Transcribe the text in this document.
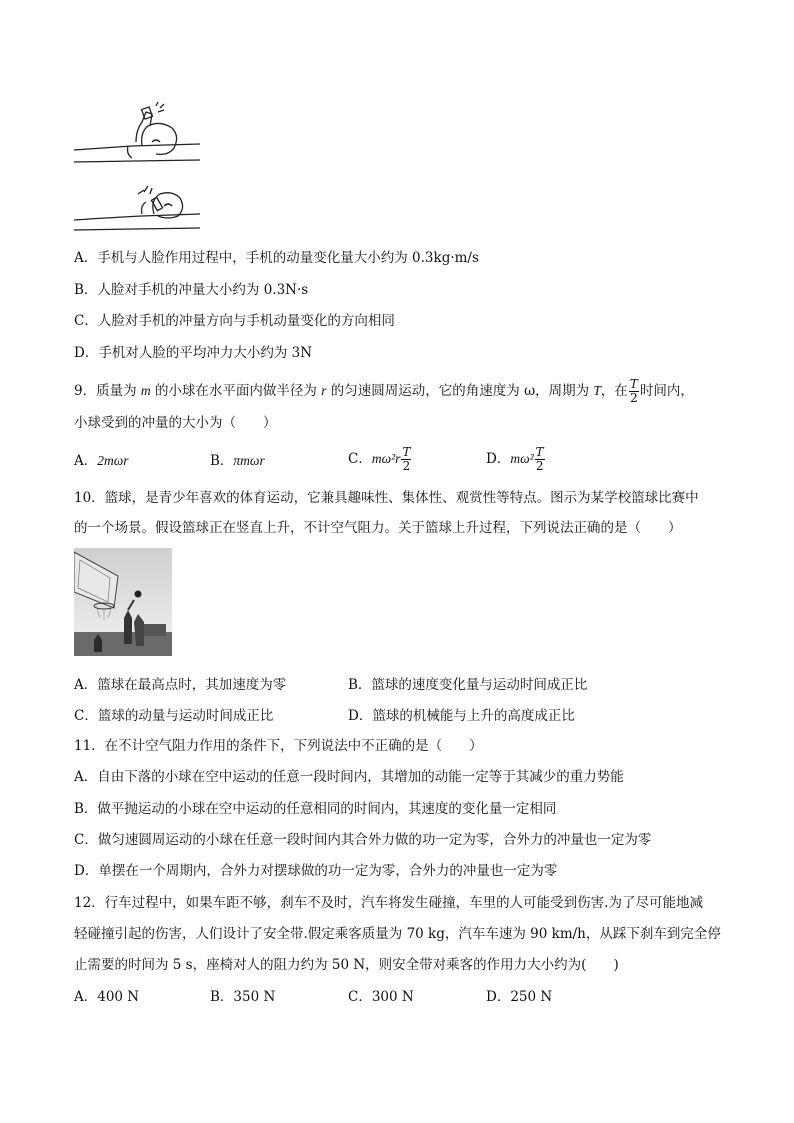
A．手机与人脸作用过程中，手机的动量变化量大小约为 0.3kg·m/s
B．人脸对手机的冲量大小约为 0.3N·s
C．人脸对手机的冲量方向与手机动量变化的方向相同
D．手机对人脸的平均冲力大小约为 3N
9．质量为 m 的小球在水平面内做半径为 r 的匀速圆周运动，它的角速度为 ω，周期为 T，在 $\frac{T}{2}$ 时间内，
小球受到的冲量的大小为（　　）
A．2mωr	B．πmωr	C．$m\omega^2r \frac{T}{2}$	D．$m\omega^2 \frac{T}{2}$
10．篮球，是青少年喜欢的体育运动，它兼具趣味性、集体性、观赏性等特点。图示为某学校篮球比赛中
的一个场景。假设篮球正在竖直上升，不计空气阻力。关于篮球上升过程，下列说法正确的是（　　）
A．篮球在最高点时，其加速度为零	B．篮球的速度变化量与运动时间成正比
C．篮球的动量与运动时间成正比	D．篮球的机械能与上升的高度成正比
11．在不计空气阻力作用的条件下，下列说法中不正确的是（　　）
A．自由下落的小球在空中运动的任意一段时间内，其增加的动能一定等于其减少的重力势能
B．做平抛运动的小球在空中运动的任意相同的时间内，其速度的变化量一定相同
C．做匀速圆周运动的小球在任意一段时间内其合外力做的功一定为零，合外力的冲量也一定为零
D．单摆在一个周期内，合外力对摆球做的功一定为零，合外力的冲量也一定为零
12．行车过程中，如果车距不够，刹车不及时，汽车将发生碰撞，车里的人可能受到伤害.为了尽可能地减
轻碰撞引起的伤害，人们设计了安全带.假定乘客质量为 70 kg，汽车车速为 90 km/h，从踩下刹车到完全停
止需要的时间为 5 s，座椅对人的阻力约为 50 N，则安全带对乘客的作用力大小约为(　　)
A．400 N	B．350 N	C．300 N	D．250 N
